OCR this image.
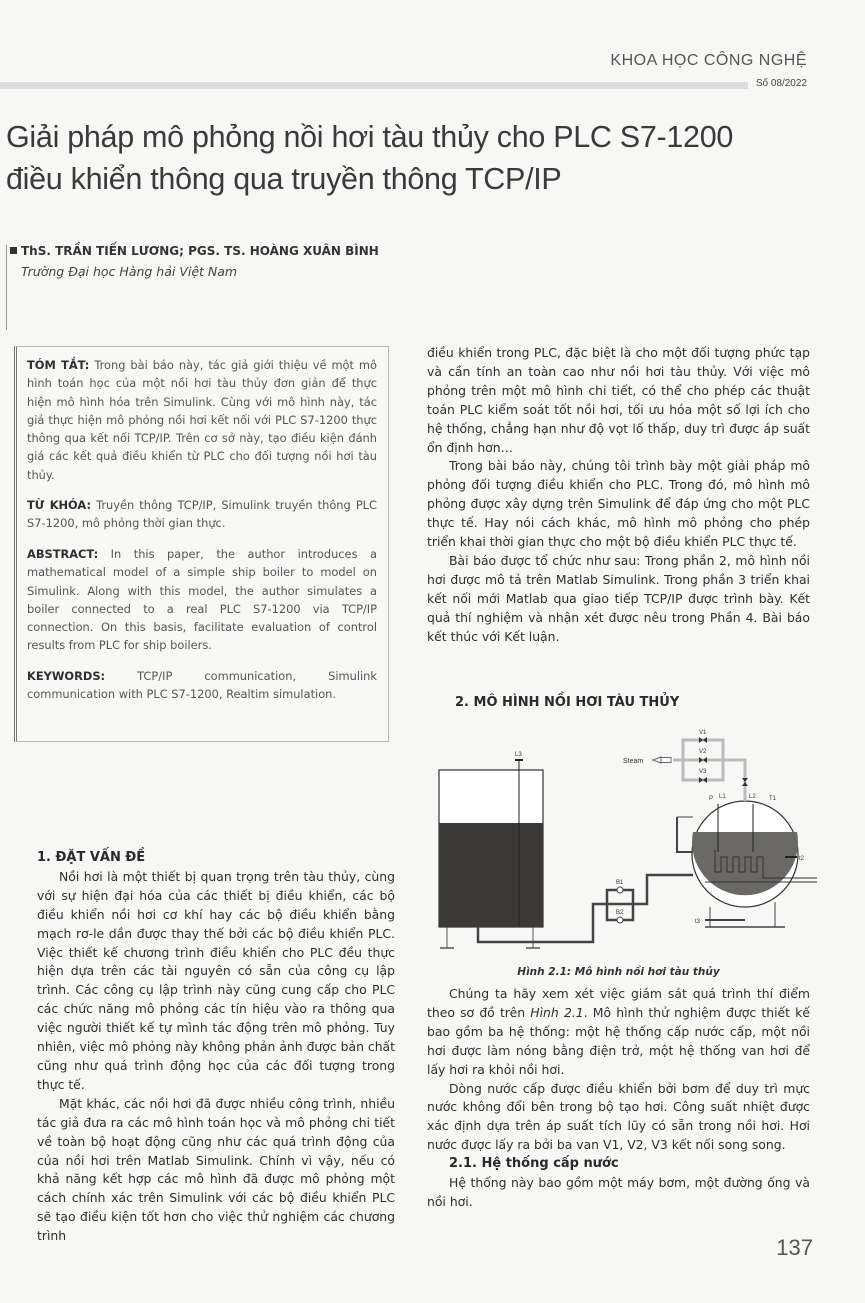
KHOA HỌC CÔNG NGHỆ
Số 08/2022
Giải pháp mô phỏng nồi hơi tàu thủy cho PLC S7-1200
điều khiển thông qua truyền thông TCP/IP
ThS. TRẦN TIẾN LƯƠNG; PGS. TS. HOÀNG XUÂN BÌNH
Trường Đại học Hàng hải Việt Nam

TÓM TẮT: Trong bài báo này, tác giả giới thiệu về một mô hình toán học của một nồi hơi tàu thủy đơn giản để thực hiện mô hình hóa trên Simulink. Cùng với mô hình này, tác giả thực hiện mô phỏng nồi hơi kết nối với PLC S7-1200 thực thông qua kết nối TCP/IP. Trên cơ sở này, tạo điều kiện đánh giá các kết quả điều khiển từ PLC cho đối tượng nồi hơi tàu thủy.

TỪ KHÓA: Truyền thông TCP/IP, Simulink truyền thông PLC S7-1200, mô phỏng thời gian thực.

ABSTRACT: In this paper, the author introduces a mathematical model of a simple ship boiler to model on Simulink. Along with this model, the author simulates a boiler connected to a real PLC S7-1200 via TCP/IP connection. On this basis, facilitate evaluation of control results from PLC for ship boilers.

KEYWORDS: TCP/IP communication, Simulink communication with PLC S7-1200, Realtim simulation.

1. ĐẶT VẤN ĐỀ

Nồi hơi là một thiết bị quan trọng trên tàu thủy, cùng với sự hiện đại hóa của các thiết bị điều khiển, các bộ điều khiển nồi hơi cơ khí hay các bộ điều khiển bằng mạch rơ-le dần được thay thế bởi các bộ điều khiển PLC. Việc thiết kế chương trình điều khiển cho PLC đều thực hiện dựa trên các tài nguyên có sẵn của công cụ lập trình. Các công cụ lập trình này cũng cung cấp cho PLC các chức năng mô phỏng các tín hiệu vào ra thông qua việc người thiết kế tự mình tác động trên mô phỏng. Tuy nhiên, việc mô phỏng này không phản ảnh được bản chất cũng như quá trình động học của các đối tượng trong thực tế.

Mặt khác, các nồi hơi đã được nhiều công trình, nhiều tác giả đưa ra các mô hình toán học và mô phỏng chi tiết về toàn bộ hoạt động cũng như các quá trình động của của nồi hơi trên Matlab Simulink. Chính vì vậy, nếu có khả năng kết hợp các mô hình đã được mô phỏng một cách chính xác trên Simulink với các bộ điều khiển PLC sẽ tạo điều kiện tốt hơn cho việc thử nghiệm các chương trình

điều khiển trong PLC, đặc biệt là cho một đối tượng phức tạp và cần tính an toàn cao như nồi hơi tàu thủy. Với việc mô phỏng trên một mô hình chi tiết, có thể cho phép các thuật toán PLC kiểm soát tốt nồi hơi, tối ưu hóa một số lợi ích cho hệ thống, chẳng hạn như độ vọt lố thấp, duy trì được áp suất ổn định hơn…

Trong bài báo này, chúng tôi trình bày một giải pháp mô phỏng đối tượng điều khiển cho PLC. Trong đó, mô hình mô phỏng được xây dựng trên Simulink để đáp ứng cho một PLC thực tế. Hay nói cách khác, mô hình mô phỏng cho phép triển khai thời gian thực cho một bộ điều khiển PLC thực tế.

Bài báo được tổ chức như sau: Trong phần 2, mô hình nồi hơi được mô tả trên Matlab Simulink. Trong phần 3 triển khai kết nối mới Matlab qua giao tiếp TCP/IP được trình bày. Kết quả thí nghiệm và nhận xét được nêu trong Phần 4. Bài báo kết thúc với Kết luận.

2. MÔ HÌNH NỒI HƠI TÀU THỦY

L3
B1
B2
t2
t3
P L1	L2 T1
Steam
V1
V2
V3
Hình 2.1: Mô hình nồi hơi tàu thủy

Chúng ta hãy xem xét việc giám sát quá trình thí điểm theo sơ đồ trên Hình 2.1. Mô hình thử nghiệm được thiết kế bao gồm ba hệ thống: một hệ thống cấp nước cấp, một nồi hơi được làm nóng bằng điện trở, một hệ thống van hơi để lấy hơi ra khỏi nồi hơi.

Dòng nước cấp được điều khiển bởi bơm để duy trì mực nước không đổi bên trong bộ tạo hơi. Công suất nhiệt được xác định dựa trên áp suất tích lũy có sẵn trong nồi hơi. Hơi nước được lấy ra bởi ba van V1, V2, V3 kết nối song song.

2.1. Hệ thống cấp nước

Hệ thống này bao gồm một máy bơm, một đường ống và nồi hơi.

137
